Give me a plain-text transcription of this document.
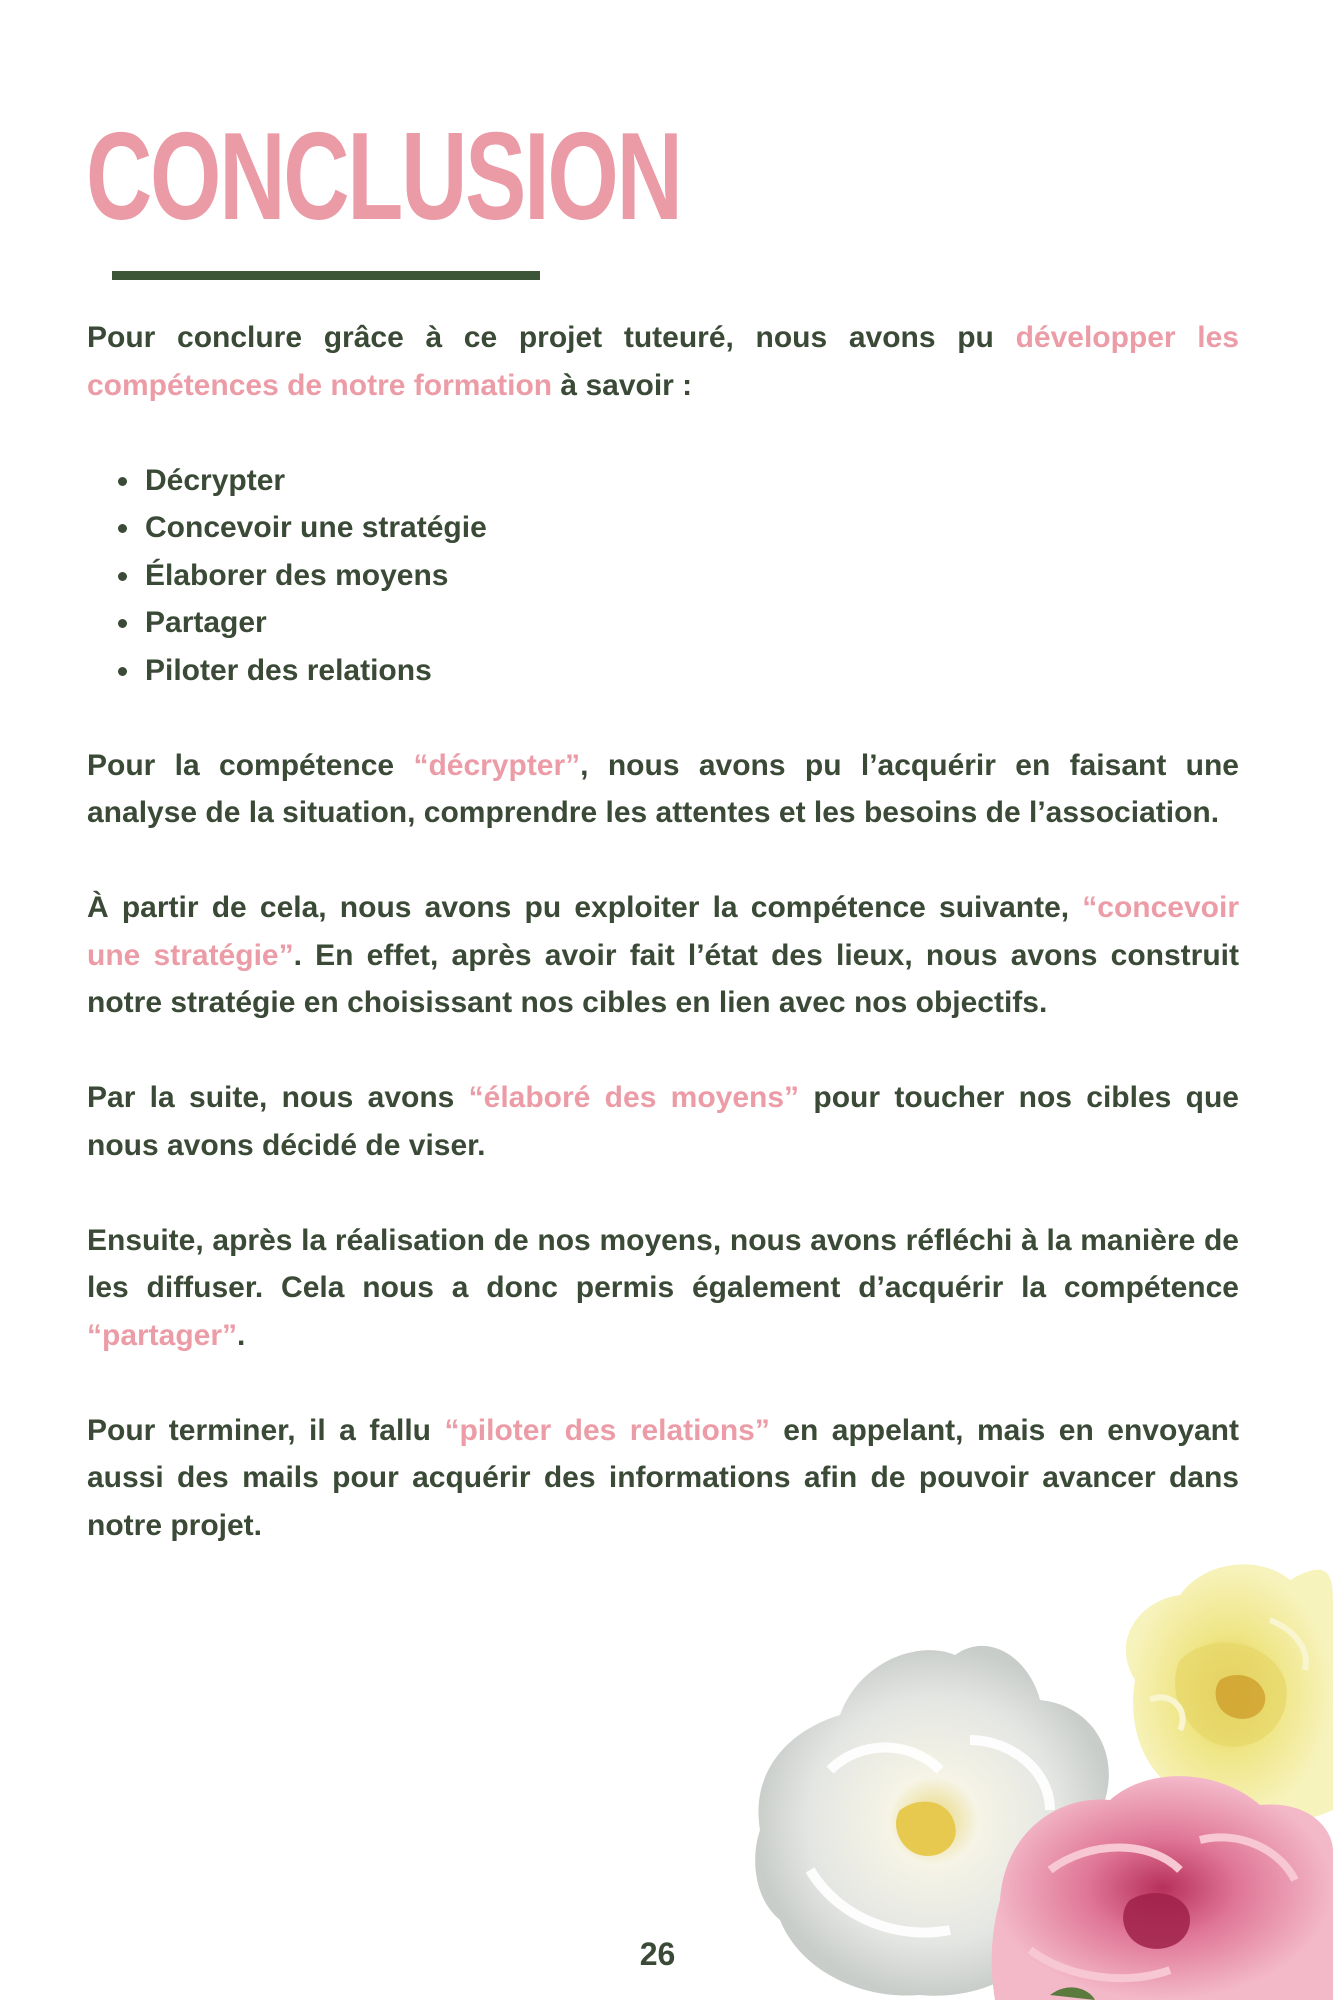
CONCLUSION

Pour conclure grâce à ce projet tuteuré, nous avons pu développer les compétences de notre formation à savoir :

Décrypter
Concevoir une stratégie
Élaborer des moyens
Partager
Piloter des relations

Pour la compétence “décrypter”, nous avons pu l’acquérir en faisant une analyse de la situation, comprendre les attentes et les besoins de l’association.

À partir de cela, nous avons pu exploiter la compétence suivante, “concevoir une stratégie”. En effet, après avoir fait l’état des lieux, nous avons construit notre stratégie en choisissant nos cibles en lien avec nos objectifs.

Par la suite, nous avons “élaboré des moyens” pour toucher nos cibles que nous avons décidé de viser.

Ensuite, après la réalisation de nos moyens, nous avons réfléchi à la manière de les diffuser. Cela nous a donc permis également d’acquérir la compétence “partager”.

Pour terminer, il a fallu “piloter des relations” en appelant, mais en envoyant aussi des mails pour acquérir des informations afin de pouvoir avancer dans notre projet.

26
